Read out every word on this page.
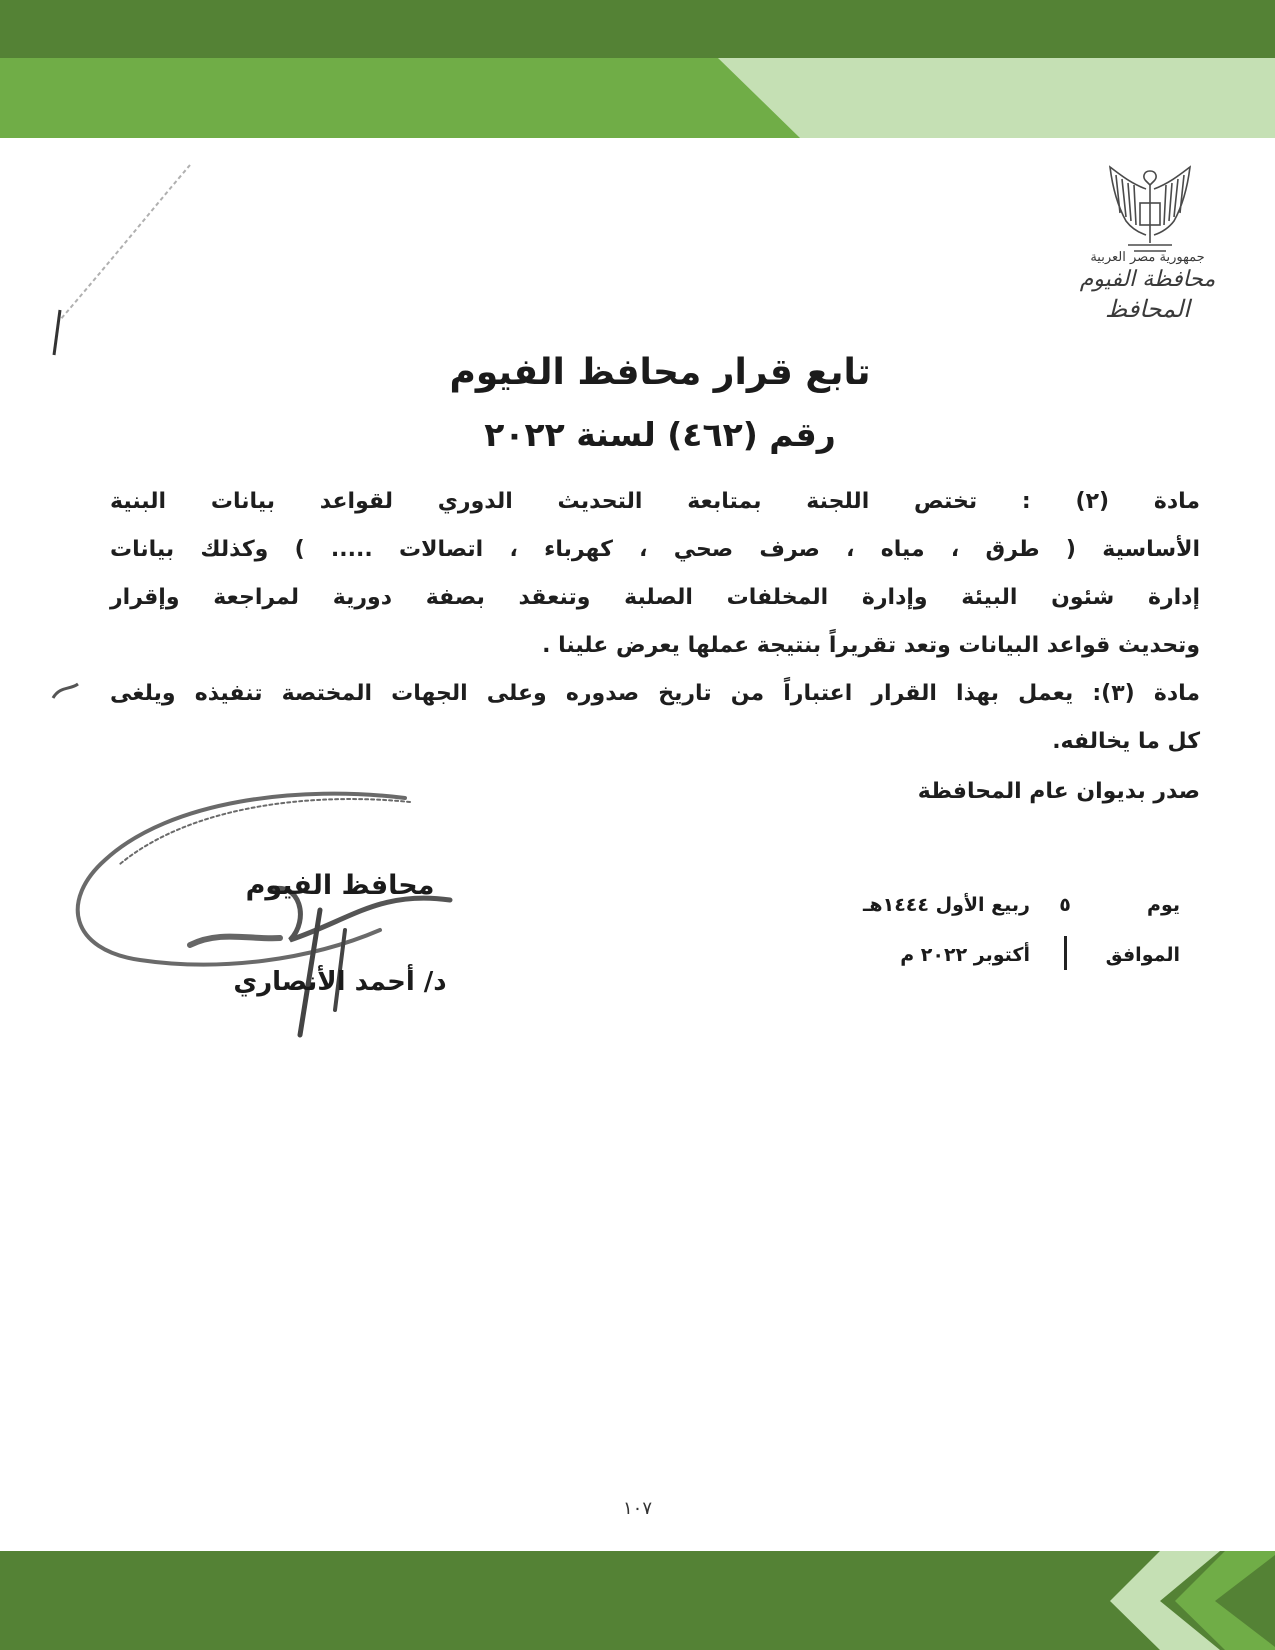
جمهورية مصر العربية
محافظة الفيوم
المحافظ
تابع قرار محافظ الفيوم
رقم (٤٦٢) لسنة ٢٠٢٢

مادة (٢) : تختص اللجنة بمتابعة التحديث الدوري لقواعد بيانات البنية

الأساسية ( طرق ، مياه ، صرف صحي ، كهرباء ، اتصالات ..... ) وكذلك بيانات

إدارة شئون البيئة وإدارة المخلفات الصلبة وتنعقد بصفة دورية لمراجعة وإقرار

وتحديث قواعد البيانات وتعد تقريراً بنتيجة عملها يعرض علينا .

مادة (٣): يعمل بهذا القرار اعتباراً من تاريخ صدوره وعلى الجهات المختصة تنفيذه ويلغى

كل ما يخالفه.

صدر بديوان عام المحافظة

يوم
٥
ربيع الأول ١٤٤٤هـ
الموافق
أكتوبر ٢٠٢٢ م
محافظ الفيوم
د/ أحمد الأنصاري
١٠٧
